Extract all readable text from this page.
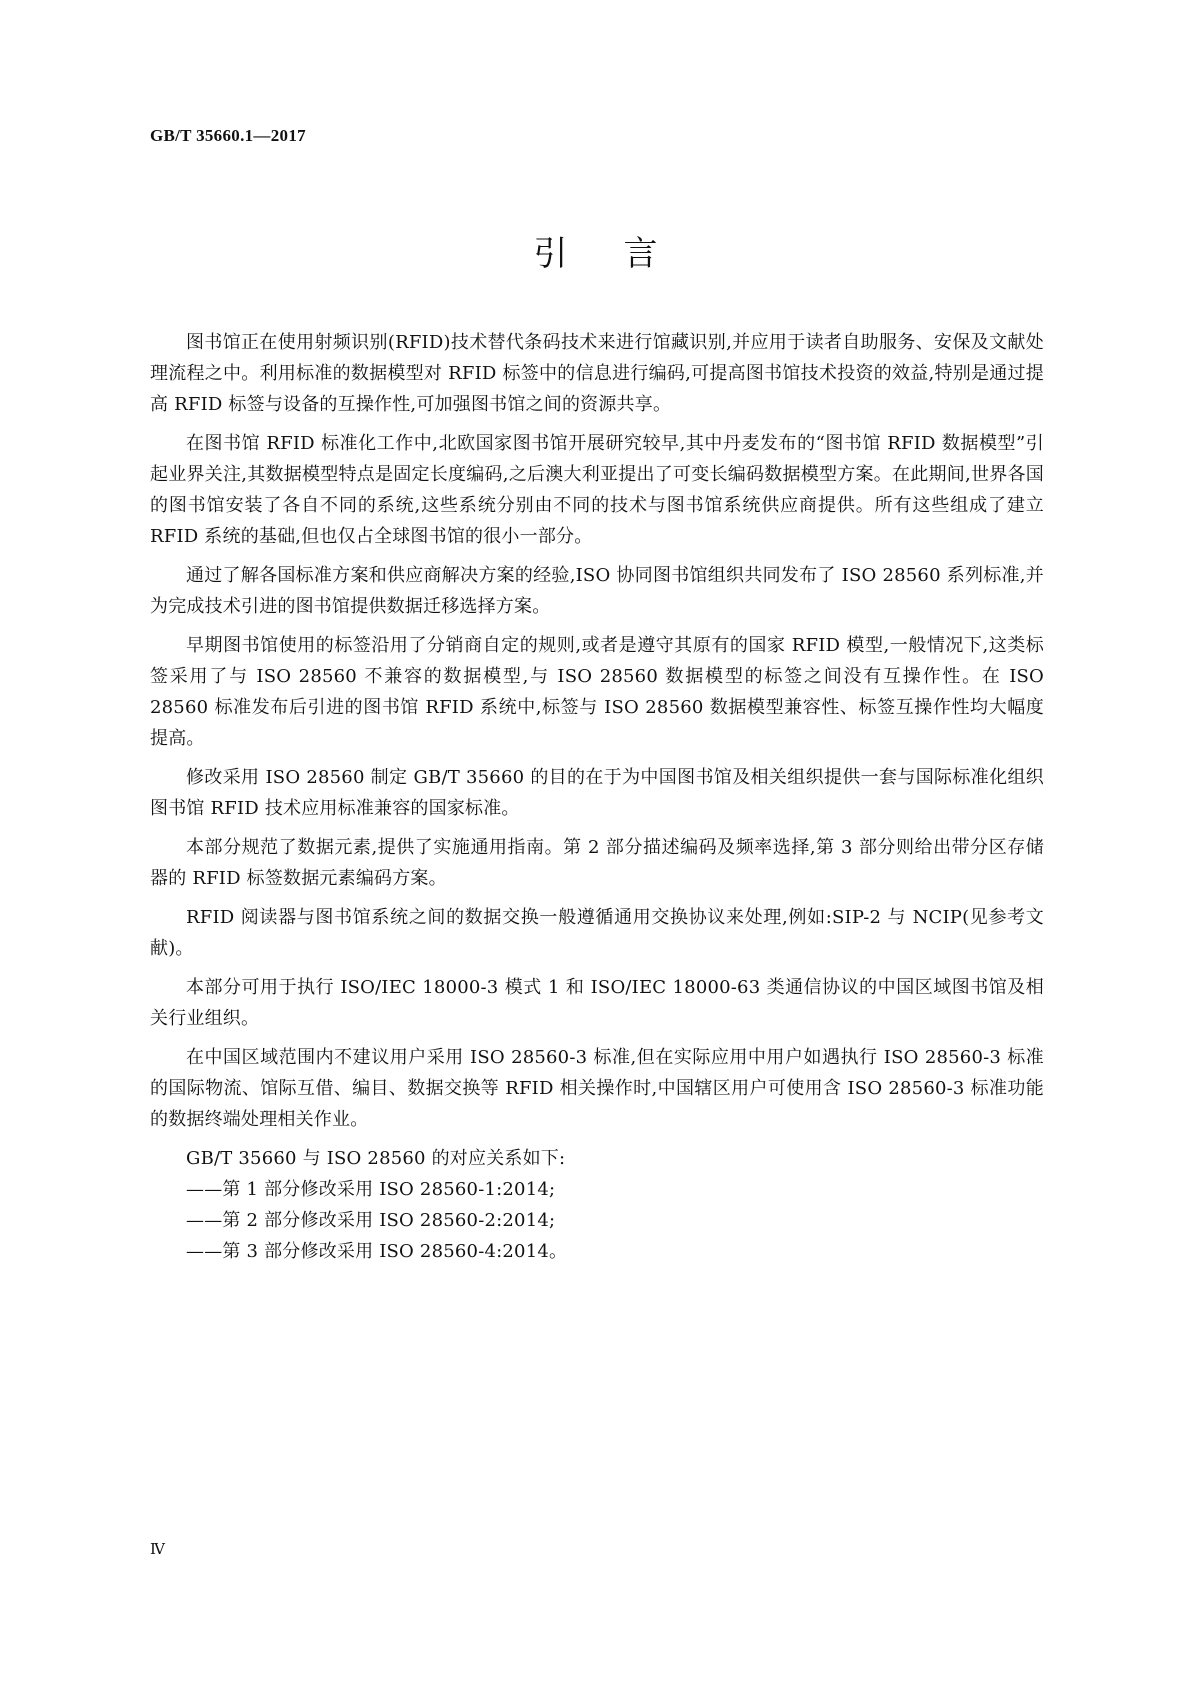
GB/T 35660.1—2017
引言

图书馆正在使用射频识别(RFID)技术替代条码技术来进行馆藏识别,并应用于读者自助服务、安保及文献处理流程之中。利用标准的数据模型对 RFID 标签中的信息进行编码,可提高图书馆技术投资的效益,特别是通过提高 RFID 标签与设备的互操作性,可加强图书馆之间的资源共享。

在图书馆 RFID 标准化工作中,北欧国家图书馆开展研究较早,其中丹麦发布的“图书馆 RFID 数据模型”引起业界关注,其数据模型特点是固定长度编码,之后澳大利亚提出了可变长编码数据模型方案。在此期间,世界各国的图书馆安装了各自不同的系统,这些系统分别由不同的技术与图书馆系统供应商提供。所有这些组成了建立 RFID 系统的基础,但也仅占全球图书馆的很小一部分。

通过了解各国标准方案和供应商解决方案的经验,ISO 协同图书馆组织共同发布了 ISO 28560 系列标准,并为完成技术引进的图书馆提供数据迁移选择方案。

早期图书馆使用的标签沿用了分销商自定的规则,或者是遵守其原有的国家 RFID 模型,一般情况下,这类标签采用了与 ISO 28560 不兼容的数据模型,与 ISO 28560 数据模型的标签之间没有互操作性。在 ISO 28560 标准发布后引进的图书馆 RFID 系统中,标签与 ISO 28560 数据模型兼容性、标签互操作性均大幅度提高。

修改采用 ISO 28560 制定 GB/T 35660 的目的在于为中国图书馆及相关组织提供一套与国际标准化组织图书馆 RFID 技术应用标准兼容的国家标准。

本部分规范了数据元素,提供了实施通用指南。第 2 部分描述编码及频率选择,第 3 部分则给出带分区存储器的 RFID 标签数据元素编码方案。

RFID 阅读器与图书馆系统之间的数据交换一般遵循通用交换协议来处理,例如:SIP-2 与 NCIP(见参考文献)。

本部分可用于执行 ISO/IEC 18000-3 模式 1 和 ISO/IEC 18000-63 类通信协议的中国区域图书馆及相关行业组织。

在中国区域范围内不建议用户采用 ISO 28560-3 标准,但在实际应用中用户如遇执行 ISO 28560-3 标准的国际物流、馆际互借、编目、数据交换等 RFID 相关操作时,中国辖区用户可使用含 ISO 28560-3 标准功能的数据终端处理相关作业。

GB/T 35660 与 ISO 28560 的对应关系如下:

——第 1 部分修改采用 ISO 28560-1:2014;

——第 2 部分修改采用 ISO 28560-2:2014;

——第 3 部分修改采用 ISO 28560-4:2014。

Ⅳ
